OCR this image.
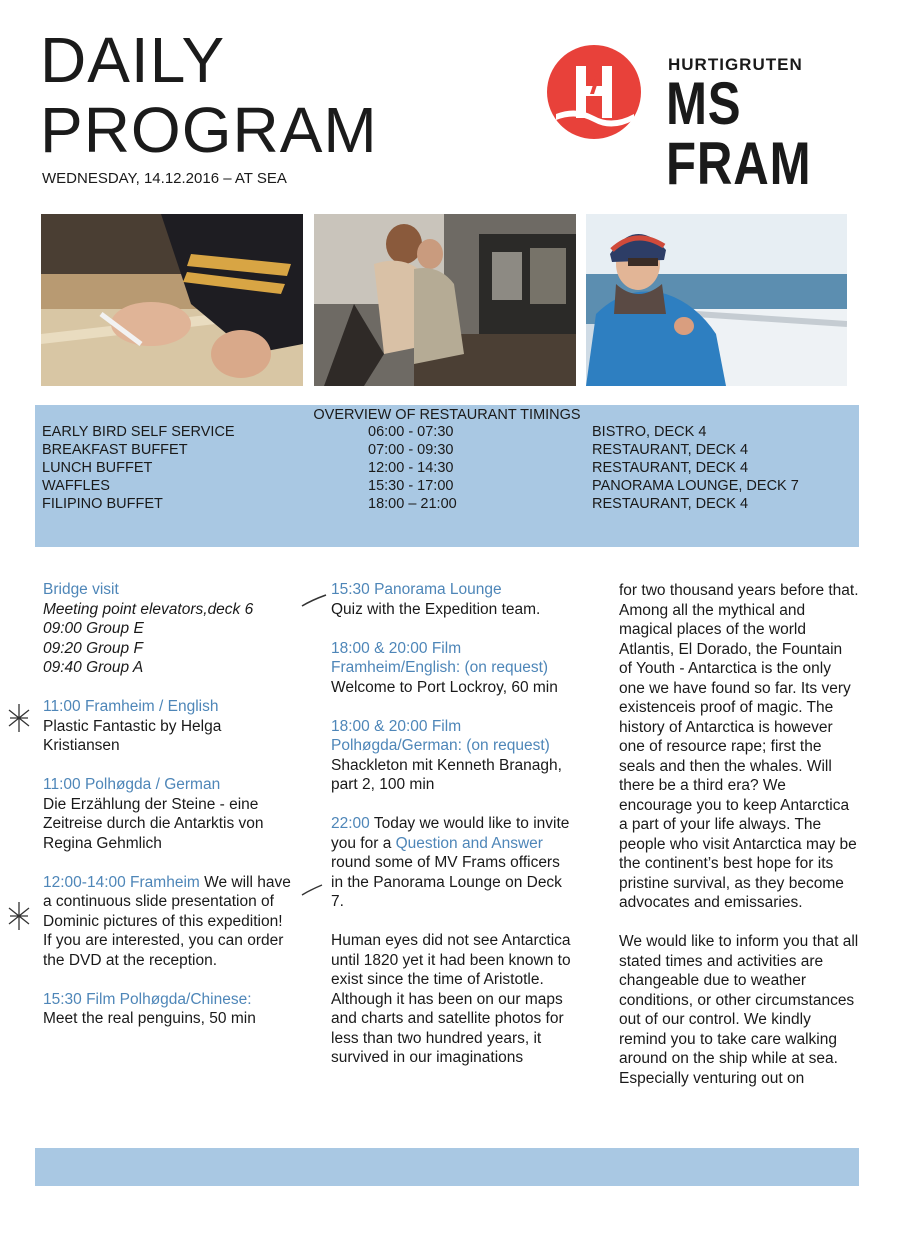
DAILY
PROGRAM
WEDNESDAY, 14.12.2016 – AT SEA
HURTIGRUTEN
MS FRAM
OVERVIEW OF RESTAURANT TIMINGS
EARLY BIRD SELF SERVICE	06:00 - 07:30	BISTRO, DECK 4
BREAKFAST BUFFET	07:00 - 09:30	RESTAURANT, DECK 4
LUNCH BUFFET	12:00 - 14:30	RESTAURANT, DECK 4
WAFFLES	15:30 - 17:00	PANORAMA LOUNGE, DECK 7
FILIPINO BUFFET	18:00 – 21:00	RESTAURANT, DECK 4
Bridge visit
Meeting point elevators,deck 6
09:00 Group E
09:20 Group F
09:40 Group A
11:00 Framheim / English
Plastic Fantastic by Helga Kristiansen
11:00 Polhøgda / German
Die Erzählung der Steine - eine Zeitreise durch die Antarktis von Regina Gehmlich
12:00-14:00 Framheim We will have a continuous slide presentation of Dominic pictures of this expedition! If you are interested, you can order the DVD at the reception.
15:30 Film Polhøgda/Chinese:
Meet the real penguins, 50 min
15:30 Panorama Lounge
Quiz with the Expedition team.
18:00 & 20:00 Film Framheim/English: (on request)
Welcome to Port Lockroy, 60 min
18:00 & 20:00 Film Polhøgda/German: (on request)
Shackleton mit Kenneth Branagh, part 2, 100 min
22:00 Today we would like to invite you for a Question and Answer round some of MV Frams officers in the Panorama Lounge on Deck 7.
Human eyes did not see Antarctica until 1820 yet it had been known to exist since the time of Aristotle. Although it has been on our maps and charts and satellite photos for less than two hundred years, it survived in our imaginations
for two thousand years before that. Among all the mythical and magical places of the world Atlantis, El Dorado, the Fountain of Youth - Antarctica is the only one we have found so far. Its very existenceis proof of magic. The history of Antarctica is however one of resource rape; first the seals and then the whales. Will there be a third era? We encourage you to keep Antarctica a part of your life always. The people who visit Antarctica may be the continent’s best hope for its pristine survival, as they become advocates and emissaries.
We would like to inform you that all stated times and activities are changeable due to weather conditions, or other circumstances out of our control. We kindly remind you to take care walking around on the ship while at sea. Especially venturing out on
